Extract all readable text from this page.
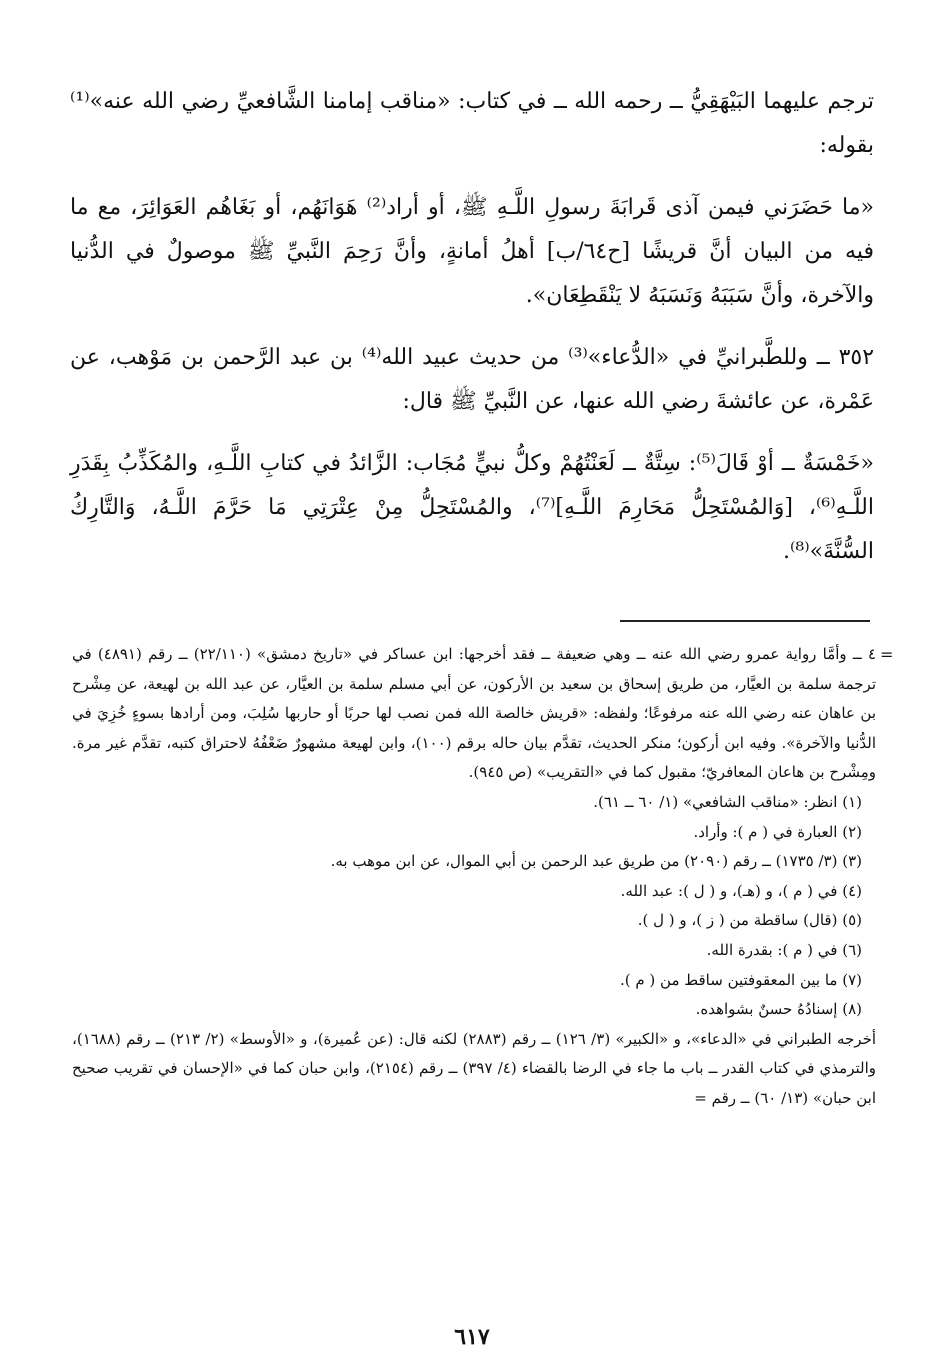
ترجم عليهما البَيْهَقِيُّ ــ رحمه الله ــ في كتاب: «مناقب إمامنا الشَّافعيِّ رضي الله عنه»⁽¹⁾ بقوله:

«ما حَضَرَني فيمن آذى قَرابَةَ رسولِ اللَّـهِ ﷺ، أو أراد⁽²⁾ هَوَانَهُم، أو بَغَاهُم العَوَائِرَ، مع ما فيه من البيان أنَّ قريشًا [ح٦٤/ب] أهلُ أمانةٍ، وأنَّ رَحِمَ النَّبيِّ ﷺ موصولٌ في الدُّنيا والآخرة، وأنَّ سَبَبَهُ وَنَسَبَهُ لا يَنْقَطِعَان».

٣٥٢ ــ وللطَّبرانيِّ في «الدُّعاء»⁽³⁾ من حديث عبيد الله⁽⁴⁾ بن عبد الرَّحمن بن مَوْهب، عن عَمْرة، عن عائشةَ رضي الله عنها، عن النَّبيِّ ﷺ قال:

«خَمْسَةٌ ــ أوْ قَالَ⁽⁵⁾: سِتَّةٌ ــ لَعَنْتُهُمْ وكلُّ نبيٍّ مُجَاب: الزَّائدُ في كتابِ اللَّـهِ، والمُكَذِّبُ بِقَدَرِ اللَّـهِ⁽⁶⁾، [وَالمُسْتَحِلُّ مَحَارِمَ اللَّـهِ]⁽⁷⁾، والمُسْتَحِلُّ مِنْ عِتْرَتِي مَا حَرَّمَ اللَّـهُ، وَالتَّارِكُ السُّنَّةَ»⁽⁸⁾.

=

٤ ــ وأمَّا رواية عمرو رضي الله عنه ــ وهي ضعيفة ــ فقد أخرجها: ابن عساكر في «تاريخ دمشق» (٢٢/١١٠) ــ رقم (٤٨٩١) في ترجمة سلمة بن العيَّار، من طريق إسحاق بن سعيد بن الأركون، عن أبي مسلم سلمة بن العيَّار، عن عبد الله بن لهيعة، عن مِشْرح بن عاهان عنه رضي الله عنه مرفوعًا؛ ولفظه: «قريش خالصة الله فمن نصب لها حربًا أو حاربها سُلِبَ، ومن أرادها بسوءٍ خُزِيَ في الدُّنيا والآخرة». وفيه ابن أركون؛ منكر الحديث، تقدَّم بيان حاله برقم (١٠٠)، وابن لهيعة مشهورٌ ضَعْفُهُ لاحتراق كتبه، تقدَّم غير مرة. ومِشْرح بن هاعان المعافريّ؛ مقبول كما في «التقريب» (ص ٩٤٥).

(١) انظر: «مناقب الشافعي» (١/ ٦٠ ــ ٦١).

(٢) العبارة في ( م ): وأراد.

(٣) (٣/ ١٧٣٥) ــ رقم (٢٠٩٠) من طريق عبد الرحمن بن أبي الموال، عن ابن موهب به.

(٤) في ( م )، و (هـ)، و ( ل ): عبد الله.

(٥) (قال) ساقطة من ( ز )، و ( ل ).

(٦) في ( م ): بقدرة الله.

(٧) ما بين المعقوفتين ساقط من ( م ).

(٨) إسنادُهُ حسنٌ بشواهده.

أخرجه الطبراني في «الدعاء»، و «الكبير» (٣/ ١٢٦) ــ رقم (٢٨٨٣) لكنه قال: (عن عُميرة)، و «الأوسط» (٢/ ٢١٣) ــ رقم (١٦٨٨)، والترمذي في كتاب القدر ــ باب ما جاء في الرضا بالقضاء (٤/ ٣٩٧) ــ رقم (٢١٥٤)، وابن حبان كما في «الإحسان في تقريب صحيح ابن حبان» (١٣/ ٦٠) ــ رقم =

٦١٧
